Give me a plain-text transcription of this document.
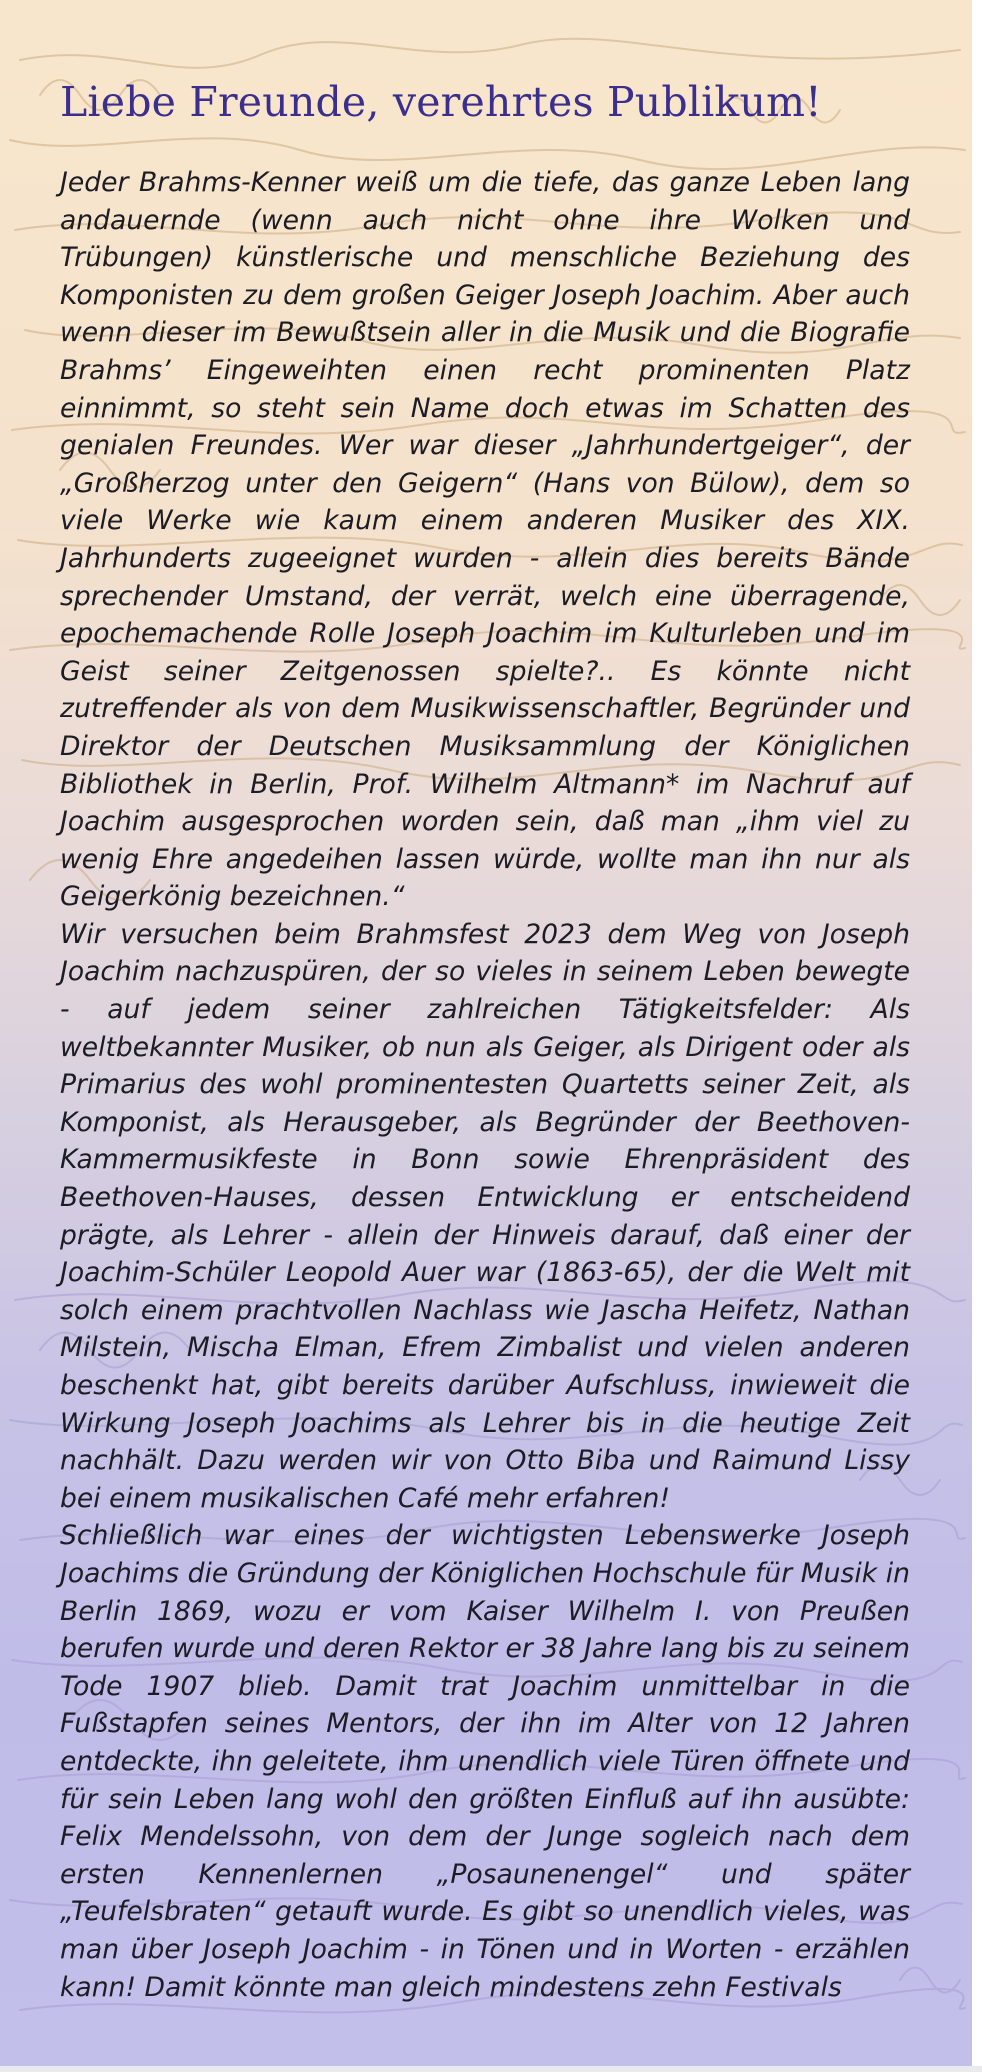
Liebe Freunde, verehrtes Publikum!

Jeder Brahms-Kenner weiß um die tiefe, das ganze Leben lang andauernde (wenn auch nicht ohne ihre Wolken und Trübungen) künstlerische und menschliche Beziehung des Komponisten zu dem großen Geiger Joseph Joachim. Aber auch wenn dieser im Bewußtsein aller in die Musik und die Biografie Brahms’ Eingeweihten einen recht prominenten Platz einnimmt, so steht sein Name doch etwas im Schatten des genialen Freundes. Wer war dieser „Jahrhundertgeiger“, der „Großherzog unter den Geigern“ (Hans von Bülow), dem so viele Werke wie kaum einem anderen Musiker des XIX. Jahrhunderts zugeeignet wurden - allein dies bereits Bände sprechender Umstand, der verrät, welch eine überragende, epochemachende Rolle Joseph Joachim im Kulturleben und im Geist seiner Zeitgenossen spielte?.. Es könnte nicht zutreffender als von dem Musikwissenschaftler, Begründer und Direktor der Deutschen Musiksammlung der Königlichen Bibliothek in Berlin, Prof. Wilhelm Altmann* im Nachruf auf Joachim ausgesprochen worden sein, daß man „ihm viel zu wenig Ehre angedeihen lassen würde, wollte man ihn nur als Geigerkönig bezeichnen.“

Wir versuchen beim Brahmsfest 2023 dem Weg von Joseph Joachim nachzuspüren, der so vieles in seinem Leben bewegte - auf jedem seiner zahlreichen Tätigkeitsfelder: Als weltbekannter Musiker, ob nun als Geiger, als Dirigent oder als Primarius des wohl prominentesten Quartetts seiner Zeit, als Komponist, als Herausgeber, als Begründer der Beethoven-Kammermusikfeste in Bonn sowie Ehrenpräsident des Beethoven-Hauses, dessen Entwicklung er entscheidend prägte, als Lehrer - allein der Hinweis darauf, daß einer der Joachim-Schüler Leopold Auer war (1863-65), der die Welt mit solch einem prachtvollen Nachlass wie Jascha Heifetz, Nathan Milstein, Mischa Elman, Efrem Zimbalist und vielen anderen beschenkt hat, gibt bereits darüber Aufschluss, inwieweit die Wirkung Joseph Joachims als Lehrer bis in die heutige Zeit nachhält. Dazu werden wir von Otto Biba und Raimund Lissy bei einem musikalischen Café mehr erfahren!

Schließlich war eines der wichtigsten Lebenswerke Joseph Joachims die Gründung der Königlichen Hochschule für Musik in Berlin 1869, wozu er vom Kaiser Wilhelm I. von Preußen berufen wurde und deren Rektor er 38 Jahre lang bis zu seinem Tode 1907 blieb. Damit trat Joachim unmittelbar in die Fußstapfen seines Mentors, der ihn im Alter von 12 Jahren entdeckte, ihn geleitete, ihm unendlich viele Türen öffnete und für sein Leben lang wohl den größten Einfluß auf ihn ausübte: Felix Mendelssohn, von dem der Junge sogleich nach dem ersten Kennenlernen „Posaunenengel“ und später „Teufelsbraten“ getauft wurde. Es gibt so unendlich vieles, was man über Joseph Joachim - in Tönen und in Worten - erzählen kann! Damit könnte man gleich mindestens zehn Festivals
